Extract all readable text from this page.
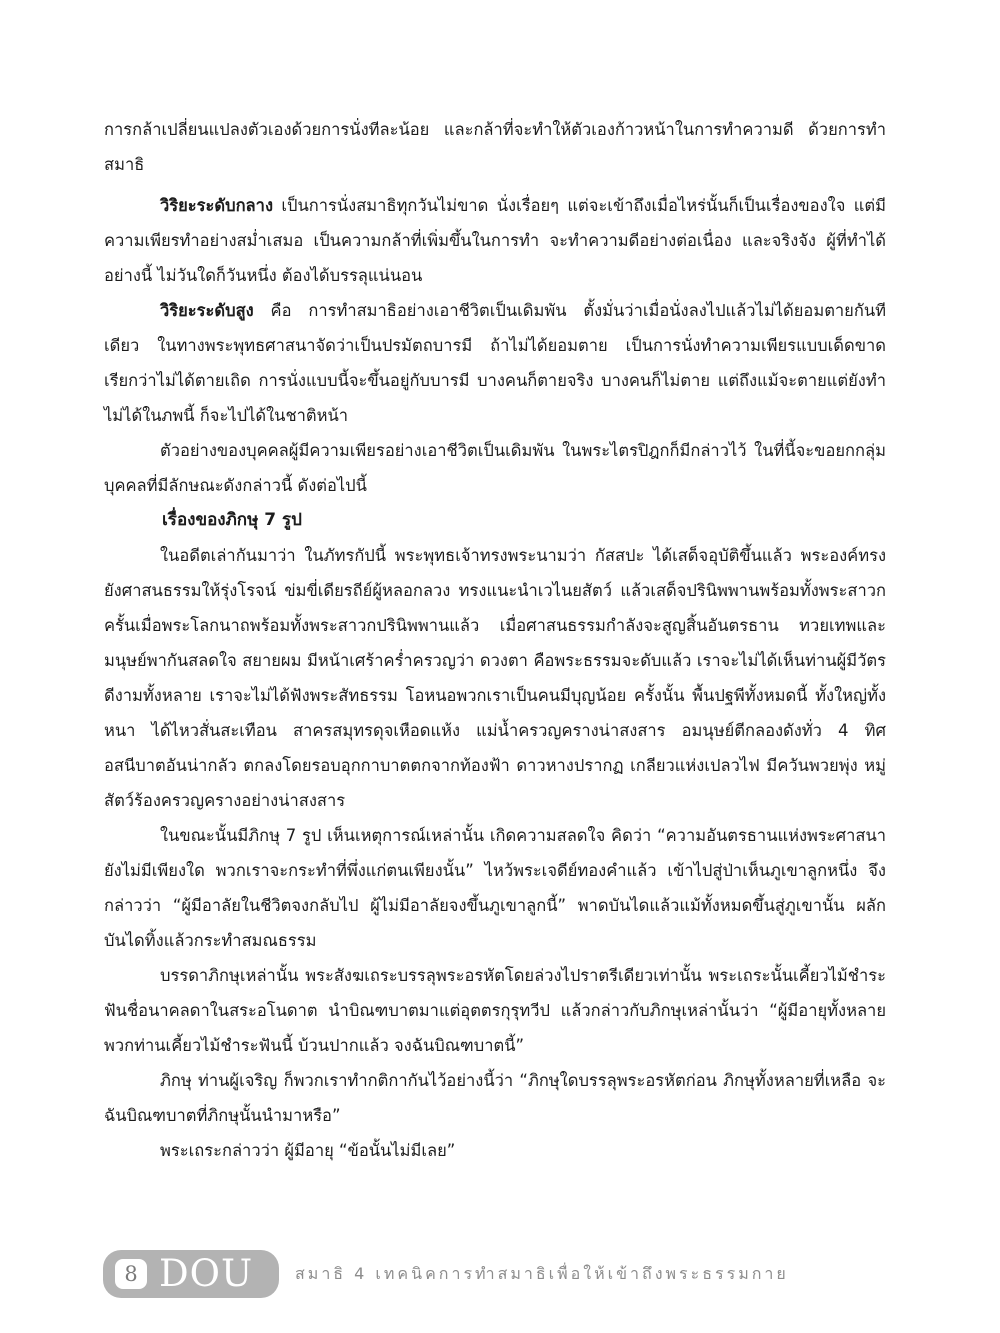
การกล้าเปลี่ยนแปลงตัวเองด้วยการนั่งทีละน้อย และกล้าที่จะทำให้ตัวเองก้าวหน้าในการทำความดี ด้วยการทำสมาธิ

วิริยะระดับกลาง เป็นการนั่งสมาธิทุกวันไม่ขาด นั่งเรื่อยๆ แต่จะเข้าถึงเมื่อไหร่นั้นก็เป็นเรื่องของใจ แต่มีความเพียรทำอย่างสม่ำเสมอ เป็นความกล้าที่เพิ่มขึ้นในการทำ จะทำความดีอย่างต่อเนื่อง และจริงจัง ผู้ที่ทำได้อย่างนี้ ไม่วันใดก็วันหนึ่ง ต้องได้บรรลุแน่นอน

วิริยะระดับสูง คือ การทำสมาธิอย่างเอาชีวิตเป็นเดิมพัน ตั้งมั่นว่าเมื่อนั่งลงไปแล้วไม่ได้ยอมตายกันทีเดียว ในทางพระพุทธศาสนาจัดว่าเป็นปรมัตถบารมี ถ้าไม่ได้ยอมตาย เป็นการนั่งทำความเพียรแบบเด็ดขาด เรียกว่าไม่ได้ตายเถิด การนั่งแบบนี้จะขึ้นอยู่กับบารมี บางคนก็ตายจริง บางคนก็ไม่ตาย แต่ถึงแม้จะตายแต่ยังทำไม่ได้ในภพนี้ ก็จะไปได้ในชาติหน้า

ตัวอย่างของบุคคลผู้มีความเพียรอย่างเอาชีวิตเป็นเดิมพัน ในพระไตรปิฎกก็มีกล่าวไว้ ในที่นี้จะขอยกกลุ่มบุคคลที่มีลักษณะดังกล่าวนี้ ดังต่อไปนี้

เรื่องของภิกษุ 7 รูป

ในอดีตเล่ากันมาว่า ในภัทรกัปนี้ พระพุทธเจ้าทรงพระนามว่า กัสสปะ ได้เสด็จอุบัติขึ้นแล้ว พระองค์ทรงยังศาสนธรรมให้รุ่งโรจน์ ข่มขี่เดียรถีย์ผู้หลอกลวง ทรงแนะนำเวไนยสัตว์ แล้วเสด็จปรินิพพานพร้อมทั้งพระสาวก ครั้นเมื่อพระโลกนาถพร้อมทั้งพระสาวกปรินิพพานแล้ว เมื่อศาสนธรรมกำลังจะสูญสิ้นอันตรธาน ทวยเทพและมนุษย์พากันสลดใจ สยายผม มีหน้าเศร้าคร่ำครวญว่า ดวงตา คือพระธรรมจะดับแล้ว เราจะไม่ได้เห็นท่านผู้มีวัตรดีงามทั้งหลาย เราจะไม่ได้ฟังพระสัทธรรม โอหนอพวกเราเป็นคนมีบุญน้อย ครั้งนั้น พื้นปฐพีทั้งหมดนี้ ทั้งใหญ่ทั้งหนา ได้ไหวสั่นสะเทือน สาครสมุทรดุจเหือดแห้ง แม่น้ำครวญครางน่าสงสาร อมนุษย์ตีกลองดังทั่ว 4 ทิศ อสนีบาตอันน่ากลัว ตกลงโดยรอบอุกกาบาตตกจากท้องฟ้า ดาวหางปรากฏ เกลียวแห่งเปลวไฟ มีควันพวยพุ่ง หมู่สัตว์ร้องครวญครางอย่างน่าสงสาร

ในขณะนั้นมีภิกษุ 7 รูป เห็นเหตุการณ์เหล่านั้น เกิดความสลดใจ คิดว่า “ความอันตรธานแห่งพระศาสนายังไม่มีเพียงใด พวกเราจะกระทำที่พึ่งแก่ตนเพียงนั้น” ไหว้พระเจดีย์ทองคำแล้ว เข้าไปสู่ป่าเห็นภูเขาลูกหนึ่ง จึงกล่าวว่า “ผู้มีอาลัยในชีวิตจงกลับไป ผู้ไม่มีอาลัยจงขึ้นภูเขาลูกนี้” พาดบันไดแล้วแม้ทั้งหมดขึ้นสู่ภูเขานั้น ผลักบันไดทิ้งแล้วกระทำสมณธรรม

บรรดาภิกษุเหล่านั้น พระสังฆเถระบรรลุพระอรหัตโดยล่วงไปราตรีเดียวเท่านั้น พระเถระนั้นเคี้ยวไม้ชำระฟันชื่อนาคลดาในสระอโนดาต นำบิณฑบาตมาแต่อุตตรกุรุทวีป แล้วกล่าวกับภิกษุเหล่านั้นว่า “ผู้มีอายุทั้งหลาย พวกท่านเคี้ยวไม้ชำระฟันนี้ บ้วนปากแล้ว จงฉันบิณฑบาตนี้”

ภิกษุ ท่านผู้เจริญ ก็พวกเราทำกติกากันไว้อย่างนี้ว่า “ภิกษุใดบรรลุพระอรหัตก่อน ภิกษุทั้งหลายที่เหลือ จะฉันบิณฑบาตที่ภิกษุนั้นนำมาหรือ”

พระเถระกล่าวว่า ผู้มีอายุ “ข้อนั้นไม่มีเลย”

8 DOU	สมาธิ 4 เทคนิคการทำสมาธิเพื่อให้เข้าถึงพระธรรมกาย
